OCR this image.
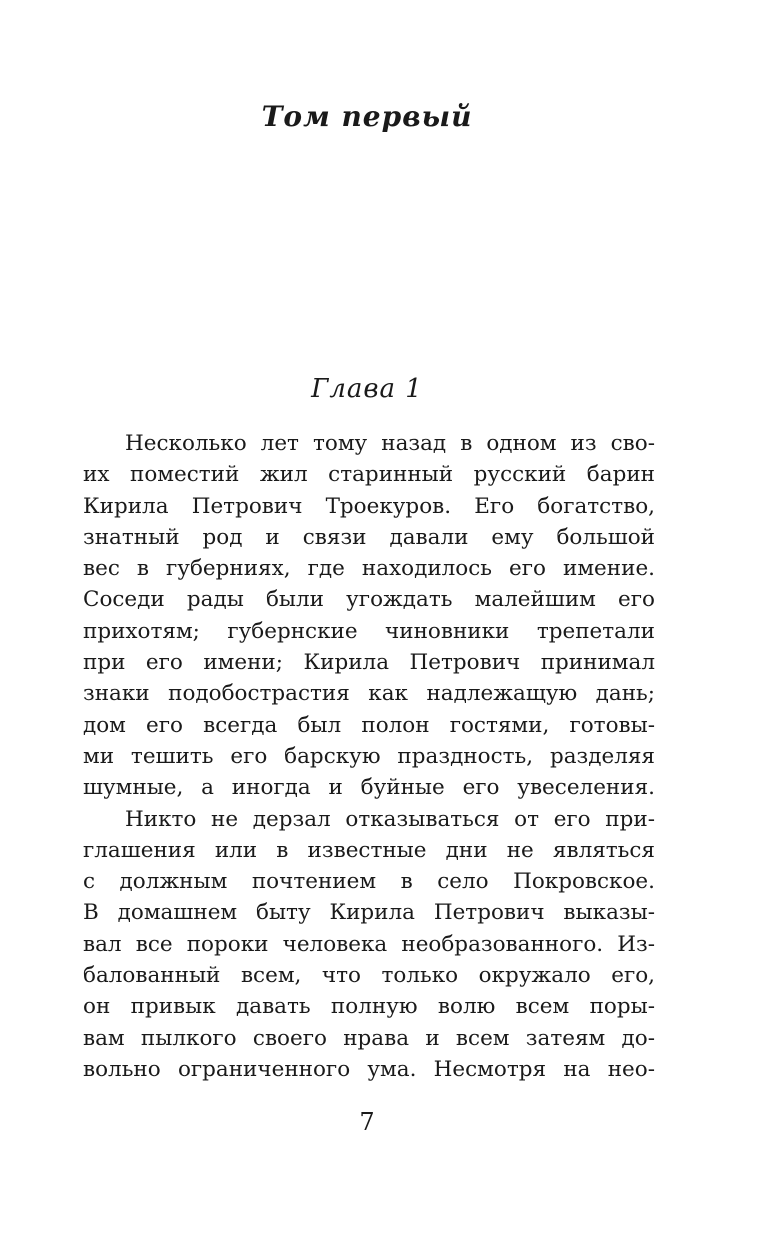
Том первый
Глава 1
Несколько лет тому назад в одном из сво-
их поместий жил старинный русский барин
Кирила Петрович Троекуров. Его богатство,
знатный род и связи давали ему большой
вес в губерниях, где находилось его имение.
Соседи рады были угождать малейшим его
прихотям; губернские чиновники трепетали
при его имени; Кирила Петрович принимал
знаки подобострастия как надлежащую дань;
дом его всегда был полон гостями, готовы-
ми тешить его барскую праздность, разделяя
шумные, а иногда и буйные его увеселения.
Никто не дерзал отказываться от его при-
глашения или в известные дни не являться
с должным почтением в село Покровское.
В домашнем быту Кирила Петрович выказы-
вал все пороки человека необразованного. Из-
балованный всем, что только окружало его,
он привык давать полную волю всем поры-
вам пылкого своего нрава и всем затеям до-
вольно ограниченного ума. Несмотря на нео-
7
